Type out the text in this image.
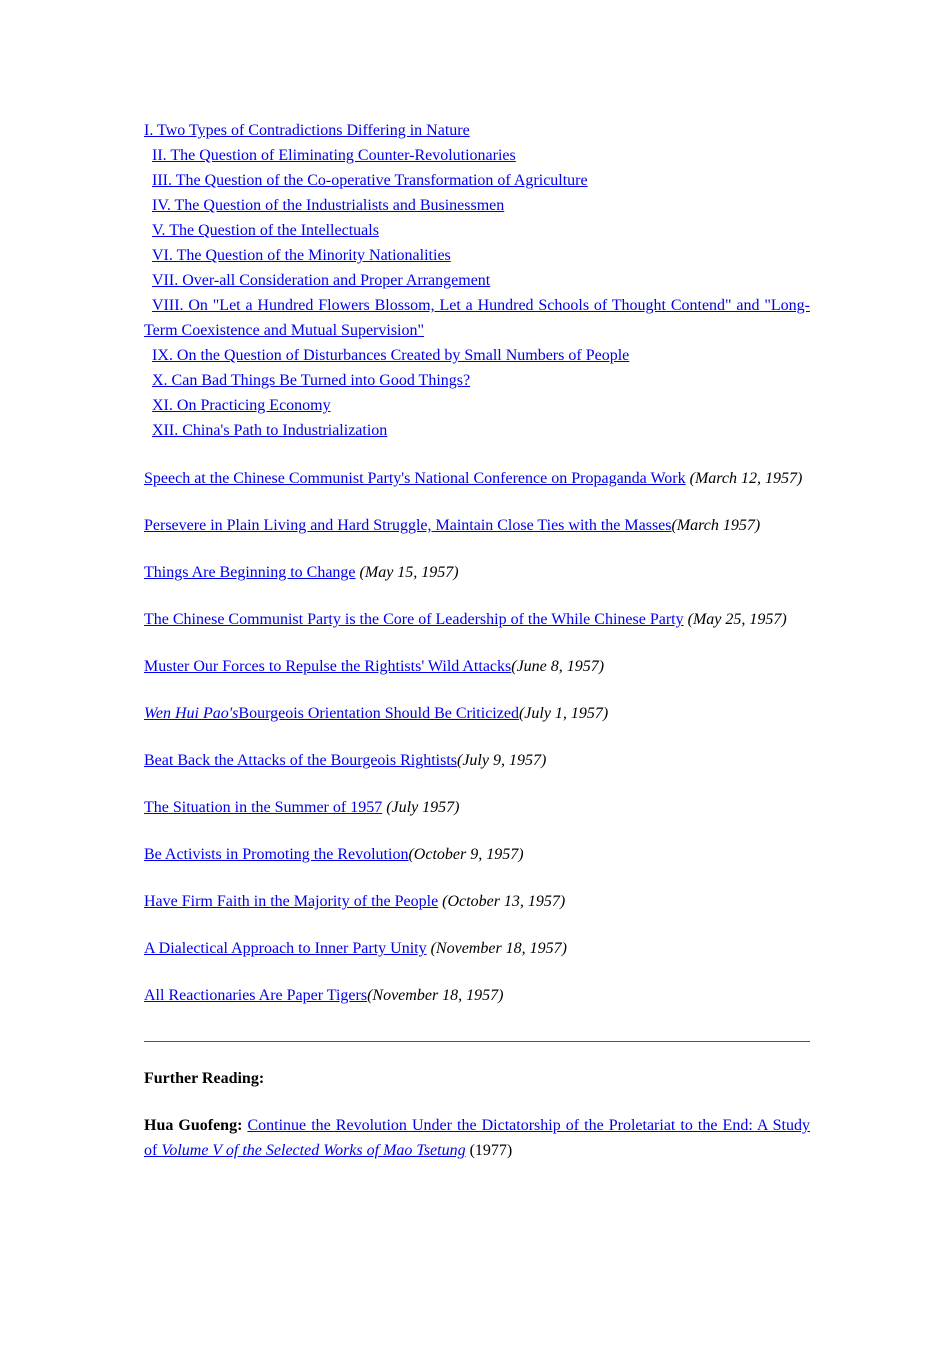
I. Two Types of Contradictions Differing in Nature
II. The Question of Eliminating Counter-Revolutionaries
III. The Question of the Co-operative Transformation of Agriculture
IV. The Question of the Industrialists and Businessmen
V. The Question of the Intellectuals
VI. The Question of the Minority Nationalities
VII. Over-all Consideration and Proper Arrangement
VIII. On "Let a Hundred Flowers Blossom, Let a Hundred Schools of Thought Contend" and "Long-Term Coexistence and Mutual Supervision"
IX. On the Question of Disturbances Created by Small Numbers of People
X. Can Bad Things Be Turned into Good Things?
XI. On Practicing Economy
XII. China's Path to Industrialization

Speech at the Chinese Communist Party's National Conference on Propaganda Work (March 12, 1957)

Persevere in Plain Living and Hard Struggle, Maintain Close Ties with the Masses(March 1957)

Things Are Beginning to Change (May 15, 1957)

The Chinese Communist Party is the Core of Leadership of the While Chinese Party (May 25, 1957)

Muster Our Forces to Repulse the Rightists' Wild Attacks(June 8, 1957)

Wen Hui Pao'sBourgeois Orientation Should Be Criticized(July 1, 1957)

Beat Back the Attacks of the Bourgeois Rightists(July 9, 1957)

The Situation in the Summer of 1957 (July 1957)

Be Activists in Promoting the Revolution(October 9, 1957)

Have Firm Faith in the Majority of the People (October 13, 1957)

A Dialectical Approach to Inner Party Unity (November 18, 1957)

All Reactionaries Are Paper Tigers(November 18, 1957)

Further Reading:

Hua Guofeng: Continue the Revolution Under the Dictatorship of the Proletariat to the End: A Study of Volume V of the Selected Works of Mao Tsetung (1977)
